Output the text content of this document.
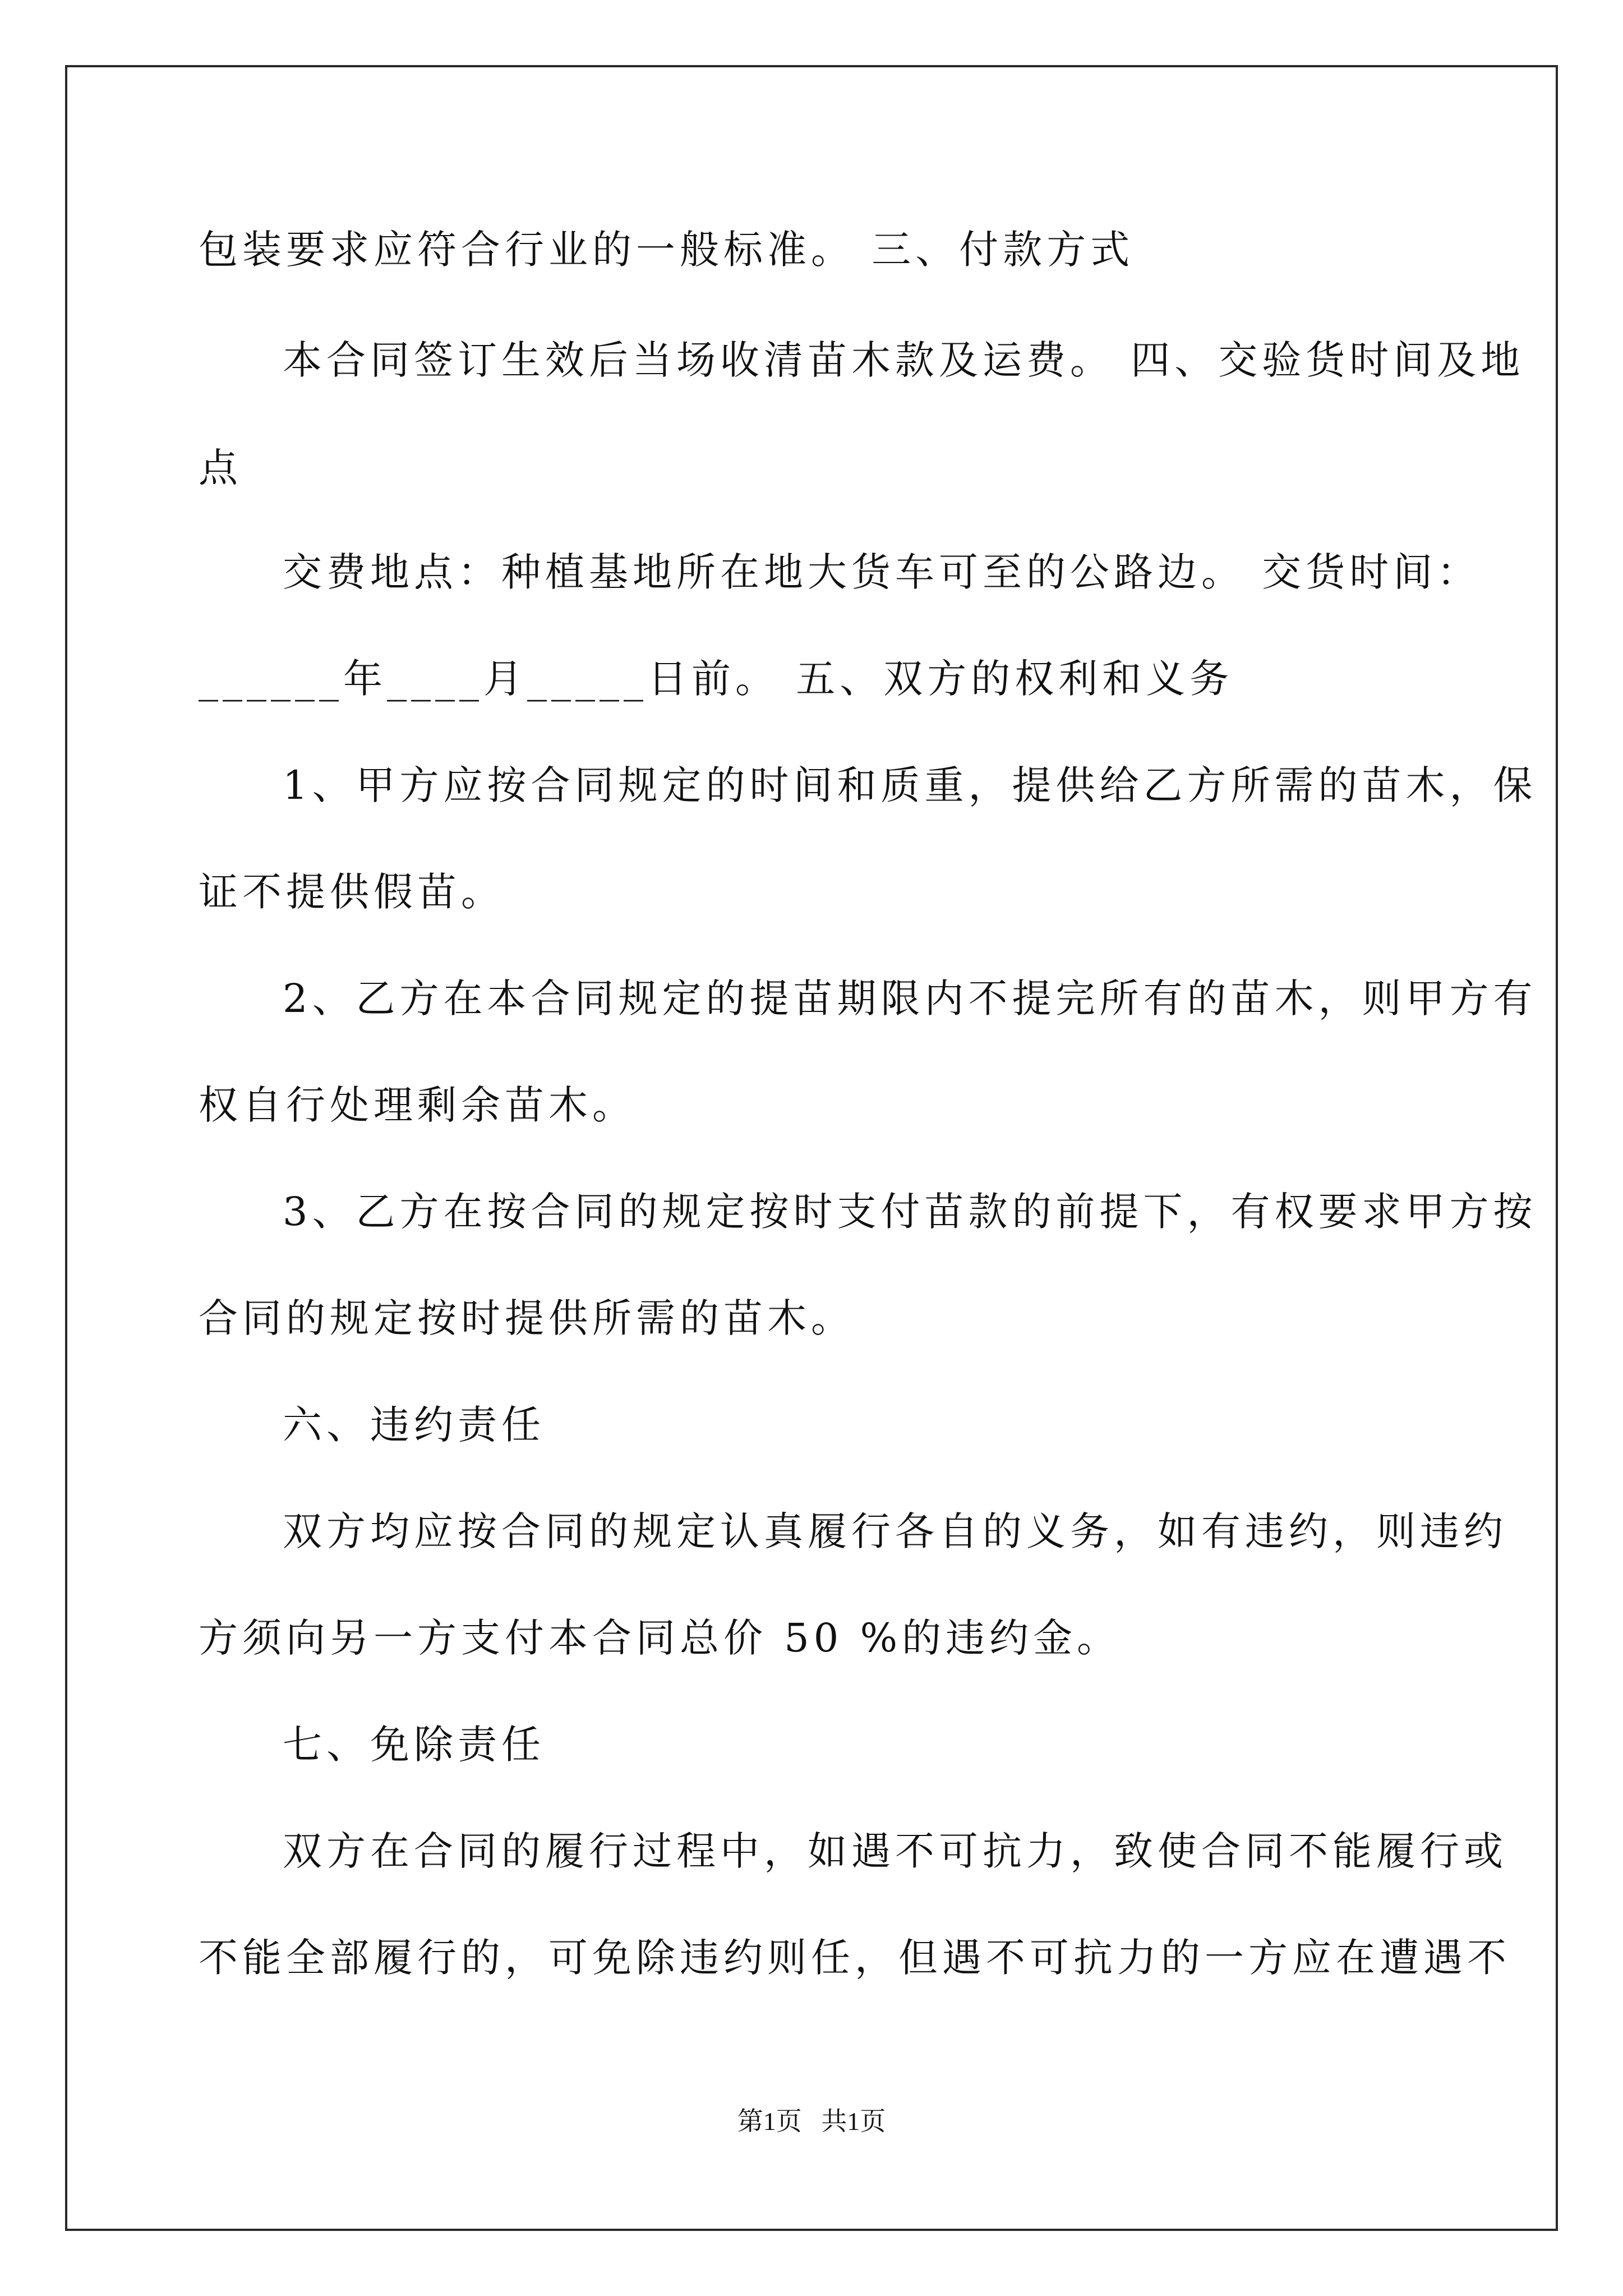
包装要求应符合行业的一般标准。 三、付款方式
本合同签订生效后当场收清苗木款及运费。 四、交验货时间及地
点
交费地点：种植基地所在地大货车可至的公路边。 交货时间：
______年____月_____日前。 五、双方的权利和义务
1、甲方应按合同规定的时间和质重，提供给乙方所需的苗木，保
证不提供假苗。
2、乙方在本合同规定的提苗期限内不提完所有的苗木，则甲方有
权自行处理剩余苗木。
3、乙方在按合同的规定按时支付苗款的前提下，有权要求甲方按
合同的规定按时提供所需的苗木。
六、违约责任
双方均应按合同的规定认真履行各自的义务，如有违约，则违约
方须向另一方支付本合同总价 50 %的违约金。
七、免除责任
双方在合同的履行过程中，如遇不可抗力，致使合同不能履行或
不能全部履行的，可免除违约则任，但遇不可抗力的一方应在遭遇不
第1页   共1页
